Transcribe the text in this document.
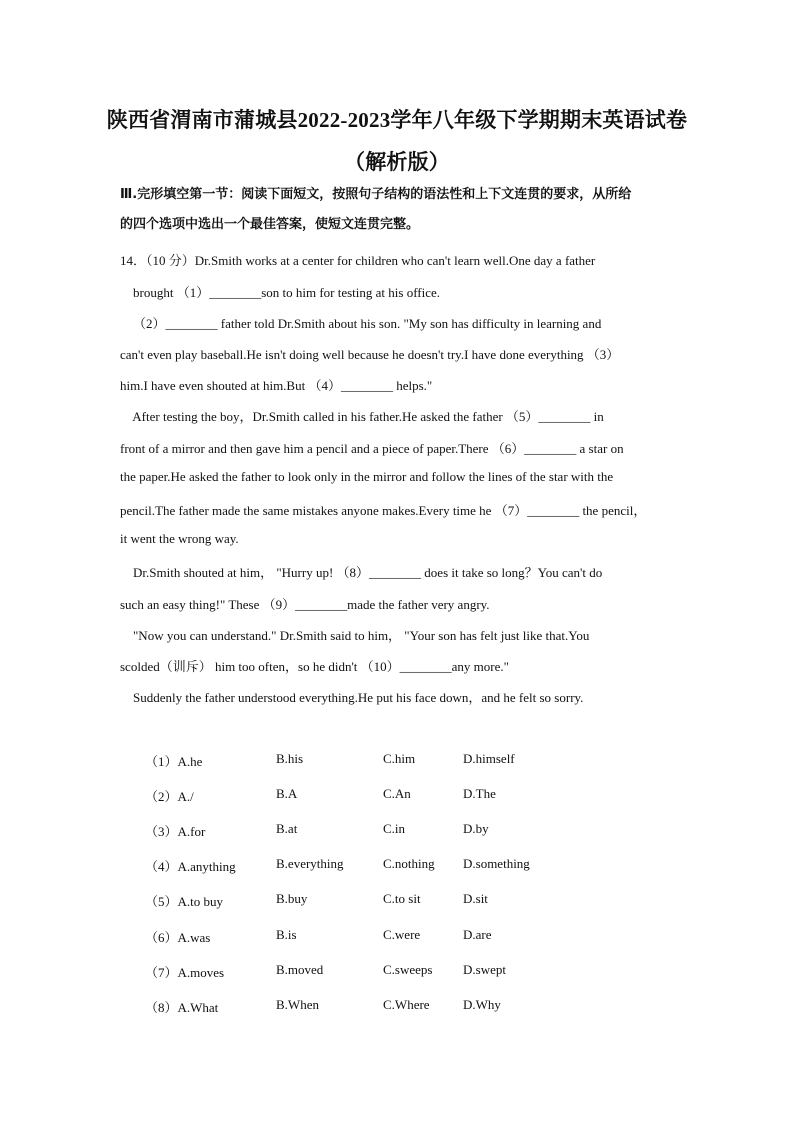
陕西省渭南市蒲城县2022-2023学年八年级下学期期末英语试卷
（解析版）
Ⅲ.完形填空第一节：阅读下面短文，按照句子结构的语法性和上下文连贯的要求，从所给
的四个选项中选出一个最佳答案，使短文连贯完整。
14．（10 分）Dr.Smith works at a center for children who can't learn well.One day a father
brought （1）________son to him for testing at his office.
（2）________ father told Dr.Smith about his son. "My son has difficulty in learning and
can't even play baseball.He isn't doing well because he doesn't try.I have done everything （3）
him.I have even shouted at him.But （4）________ helps."
After testing the boy，Dr.Smith called in his father.He asked the father （5）________ in
front of a mirror and then gave him a pencil and a piece of paper.There （6）________ a star on
the paper.He asked the father to look only in the mirror and follow the lines of the star with the
pencil.The father made the same mistakes anyone makes.Every time he （7）________ the pencil，
it went the wrong way.
Dr.Smith shouted at him， "Hurry up! （8）________ does it take so long？You can't do
such an easy thing!" These （9）________made the father very angry.
"Now you can understand." Dr.Smith said to him， "Your son has felt just like that.You
scolded（训斥） him too often，so he didn't （10）________any more."
Suddenly the father understood everything.He put his face down，and he felt so sorry.
（1）A.he	B.his	C.him	D.himself
（2）A./	B.A	C.An	D.The
（3）A.for	B.at	C.in	D.by
（4）A.anything	B.everything	C.nothing D.something
（5）A.to buy	B.buy	C.to sit	D.sit
（6）A.was	B.is	C.were	D.are
（7）A.moves	B.moved	C.sweeps D.swept
（8）A.What	B.When	C.Where	D.Why
